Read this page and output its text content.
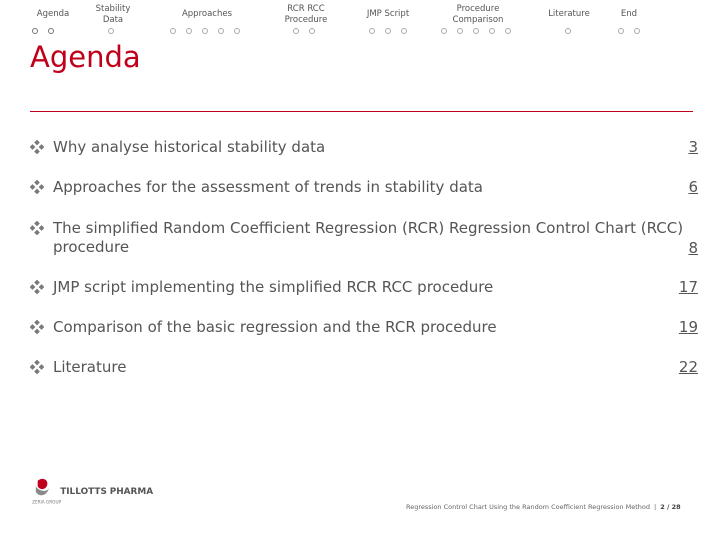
Agenda	Stability
Data
Approaches	RCR RCC
Procedure
JMP Script	Procedure
Comparison
Literature	End
Agenda
Why analyse historical stability data	3
Approaches for the assessment of trends in stability data	6
The simplified Random Coefficient Regression (RCR) Regression Control Chart (RCC) procedure	8
JMP script implementing the simplified RCR RCC procedure	17
Comparison of the basic regression and the RCR procedure	19
Literature	22
TILLOTTS PHARMA
ZERIA GROUP
Regression Control Chart Using the Random Coefficient Regression Method | 2 / 28
